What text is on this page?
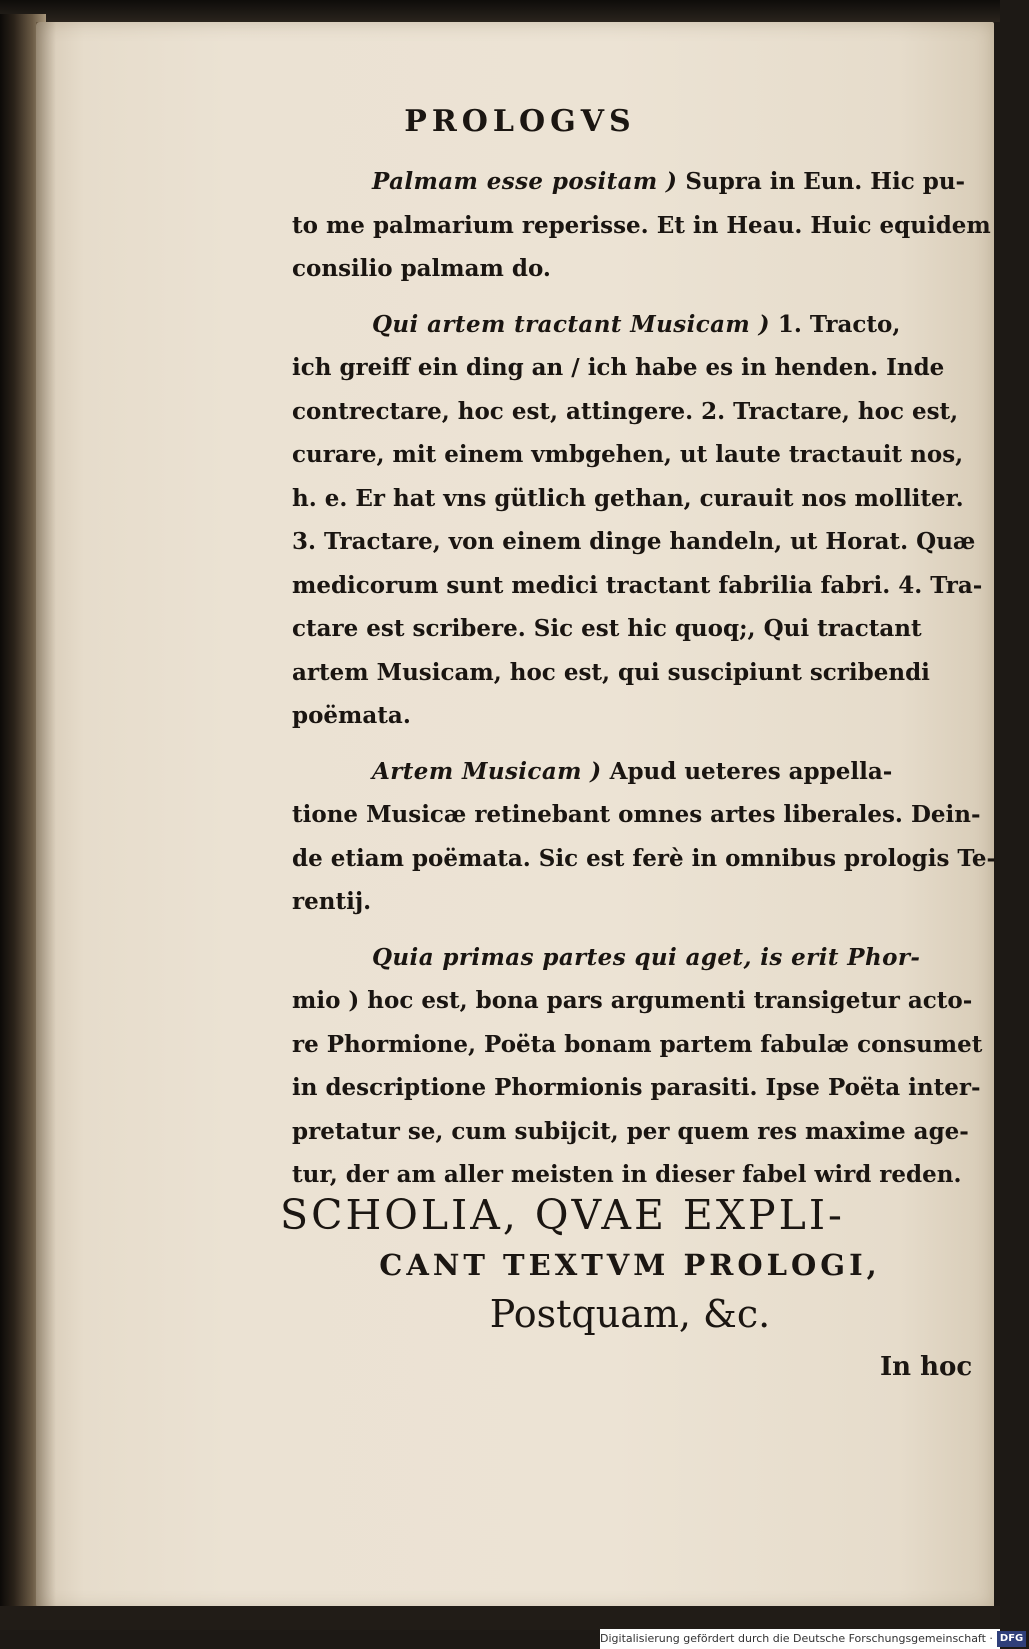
PROLOGVS
Palmam esse positam ) Supra in Eun. Hic pu-
to me palmarium reperisse. Et in Heau. Huic equidem
consilio palmam do.
Qui artem tractant Musicam ) 1. Tracto,
ich greiff ein ding an / ich habe es in henden. Inde
contrectare, hoc est, attingere. 2. Tractare, hoc est,
curare, mit einem vmbgehen, ut laute tractauit nos,
h. e. Er hat vns gütlich gethan, curauit nos molliter.
3. Tractare, von einem dinge handeln, ut Horat. Quæ
medicorum sunt medici tractant fabrilia fabri. 4. Tra-
ctare est scribere. Sic est hic quoq;, Qui tractant
artem Musicam, hoc est, qui suscipiunt scribendi
poëmata.
Artem Musicam ) Apud ueteres appella-
tione Musicæ retinebant omnes artes liberales. Dein-
de etiam poëmata. Sic est ferè in omnibus prologis Te-
rentij.
Quia primas partes qui aget, is erit Phor-
mio ) hoc est, bona pars argumenti transigetur acto-
re Phormione, Poëta bonam partem fabulæ consumet
in descriptione Phormionis parasiti. Ipse Poëta inter-
pretatur se, cum subijcit, per quem res maxime age-
tur, der am aller meisten in dieser fabel wird reden.
SCHOLIA, QVAE EXPLI-
CANT TEXTVM PROLOGI,
Postquam, &c.
In hoc
Digitalisierung gefördert durch die Deutsche Forschungsgemeinschaft · DFG
